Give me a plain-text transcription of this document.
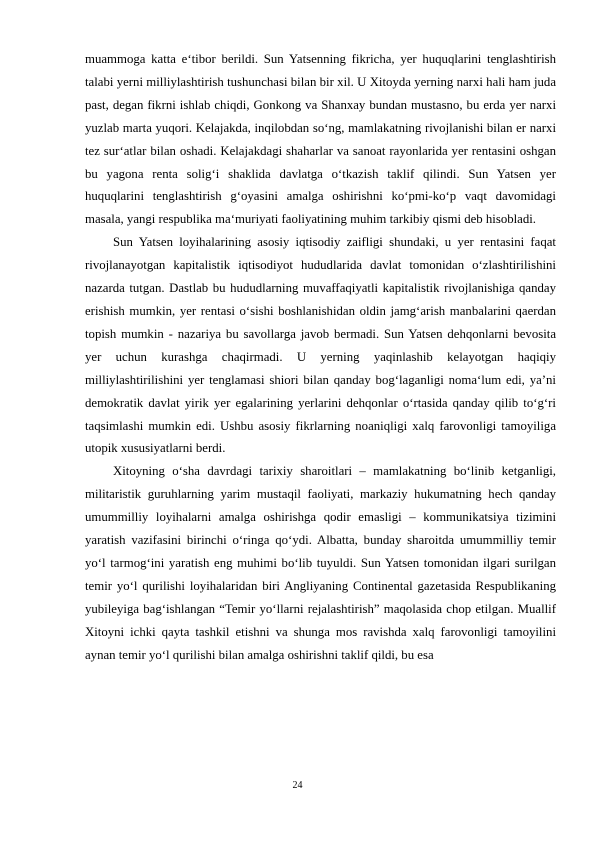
muammoga katta e‘tibor berildi. Sun Yatsenning fikricha, yer huquqlarini tenglashtirish talabi yerni milliylashtirish tushunchasi bilan bir xil. U Xitoyda yerning narxi hali ham juda past, degan fikrni ishlab chiqdi, Gonkong va Shanxay bundan mustasno, bu erda yer narxi yuzlab marta yuqori. Kelajakda, inqilobdan so‘ng, mamlakatning rivojlanishi bilan er narxi tez sur‘atlar bilan oshadi. Kelajakdagi shaharlar va sanoat rayonlarida yer rentasini oshgan bu yagona renta solig‘i shaklida davlatga o‘tkazish taklif qilindi. Sun Yatsen yer huquqlarini tenglashtirish g‘oyasini amalga oshirishni ko‘pmi-ko‘p vaqt davomidagi masala, yangi respublika ma‘muriyati faoliyatining muhim tarkibiy qismi deb hisobladi.

Sun Yatsen loyihalarining asosiy iqtisodiy zaifligi shundaki, u yer rentasini faqat rivojlanayotgan kapitalistik iqtisodiyot hududlarida davlat tomonidan o‘zlashtirilishini nazarda tutgan. Dastlab bu hududlarning muvaffaqiyatli kapitalistik rivojlanishiga qanday erishish mumkin, yer rentasi o‘sishi boshlanishidan oldin jamg‘arish manbalarini qaerdan topish mumkin - nazariya bu savollarga javob bermadi. Sun Yatsen dehqonlarni bevosita yer uchun kurashga chaqirmadi. U yerning yaqinlashib kelayotgan haqiqiy milliylashtirilishini yer tenglamasi shiori bilan qanday bog‘laganligi noma‘lum edi, ya’ni demokratik davlat yirik yer egalarining yerlarini dehqonlar o‘rtasida qanday qilib to‘g‘ri taqsimlashi mumkin edi. Ushbu asosiy fikrlarning noaniqligi xalq farovonligi tamoyiliga utopik xususiyatlarni berdi.

Xitoyning o‘sha davrdagi tarixiy sharoitlari – mamlakatning bo‘linib ketganligi, militaristik guruhlarning yarim mustaqil faoliyati, markaziy hukumatning hech qanday umummilliy loyihalarni amalga oshirishga qodir emasligi – kommunikatsiya tizimini yaratish vazifasini birinchi o‘ringa qo‘ydi. Albatta, bunday sharoitda umummilliy temir yo‘l tarmog‘ini yaratish eng muhimi bo‘lib tuyuldi. Sun Yatsen tomonidan ilgari surilgan temir yo‘l qurilishi loyihalaridan biri Angliyaning Continental gazetasida Respublikaning yubileyiga bag‘ishlangan “Temir yo‘llarni rejalashtirish” maqolasida chop etilgan. Muallif Xitoyni ichki qayta tashkil etishni va shunga mos ravishda xalq farovonligi tamoyilini aynan temir yo‘l qurilishi bilan amalga oshirishni taklif qildi, bu esa

24
